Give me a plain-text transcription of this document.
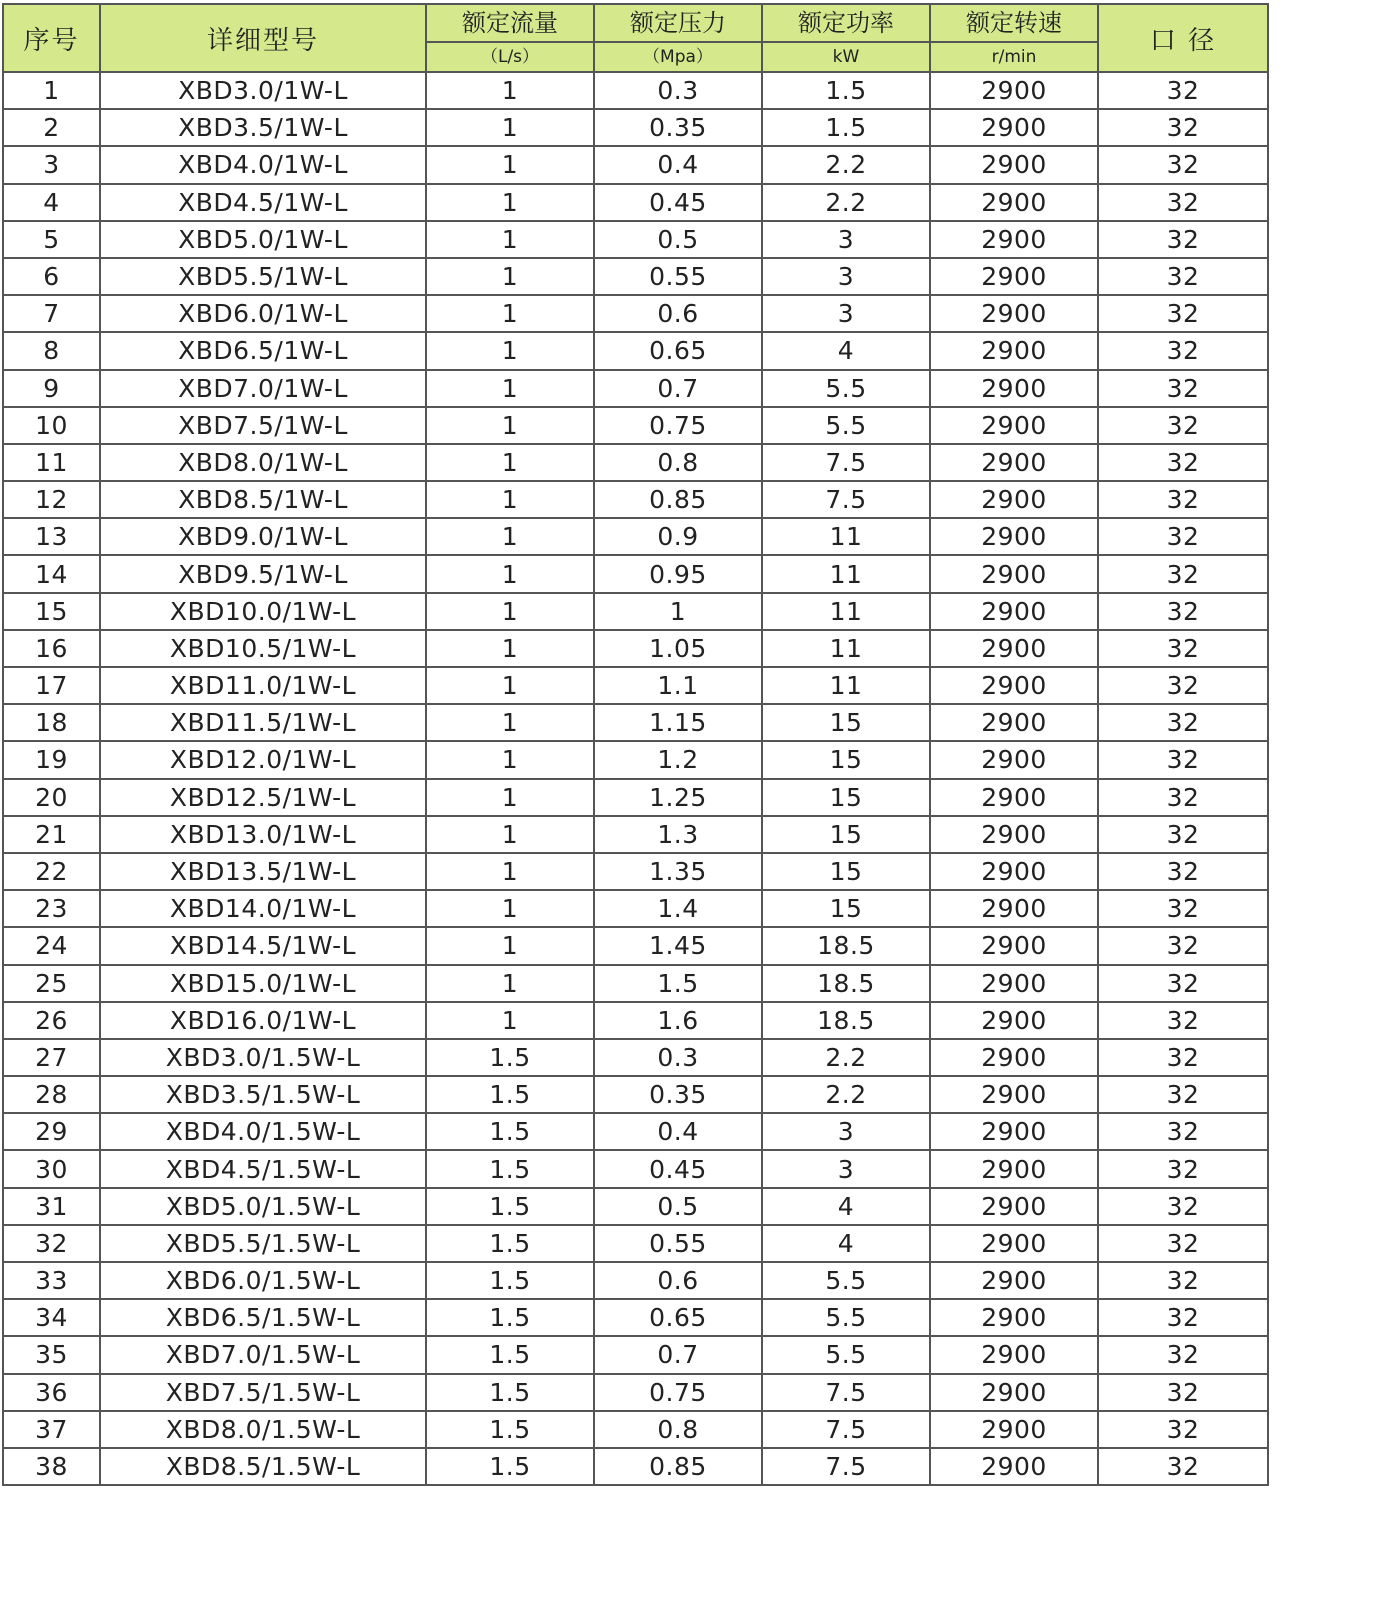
序号	详细型号	额定流量	额定压力	额定功率	额定转速	口 径
		（L/s）	（Mpa）	kW	r/min	
1	XBD3.0/1W-L	1	0.3	1.5	2900	32
2	XBD3.5/1W-L	1	0.35	1.5	2900	32
3	XBD4.0/1W-L	1	0.4	2.2	2900	32
4	XBD4.5/1W-L	1	0.45	2.2	2900	32
5	XBD5.0/1W-L	1	0.5	3	2900	32
6	XBD5.5/1W-L	1	0.55	3	2900	32
7	XBD6.0/1W-L	1	0.6	3	2900	32
8	XBD6.5/1W-L	1	0.65	4	2900	32
9	XBD7.0/1W-L	1	0.7	5.5	2900	32
10	XBD7.5/1W-L	1	0.75	5.5	2900	32
11	XBD8.0/1W-L	1	0.8	7.5	2900	32
12	XBD8.5/1W-L	1	0.85	7.5	2900	32
13	XBD9.0/1W-L	1	0.9	11	2900	32
14	XBD9.5/1W-L	1	0.95	11	2900	32
15	XBD10.0/1W-L	1	1	11	2900	32
16	XBD10.5/1W-L	1	1.05	11	2900	32
17	XBD11.0/1W-L	1	1.1	11	2900	32
18	XBD11.5/1W-L	1	1.15	15	2900	32
19	XBD12.0/1W-L	1	1.2	15	2900	32
20	XBD12.5/1W-L	1	1.25	15	2900	32
21	XBD13.0/1W-L	1	1.3	15	2900	32
22	XBD13.5/1W-L	1	1.35	15	2900	32
23	XBD14.0/1W-L	1	1.4	15	2900	32
24	XBD14.5/1W-L	1	1.45	18.5	2900	32
25	XBD15.0/1W-L	1	1.5	18.5	2900	32
26	XBD16.0/1W-L	1	1.6	18.5	2900	32
27	XBD3.0/1.5W-L	1.5	0.3	2.2	2900	32
28	XBD3.5/1.5W-L	1.5	0.35	2.2	2900	32
29	XBD4.0/1.5W-L	1.5	0.4	3	2900	32
30	XBD4.5/1.5W-L	1.5	0.45	3	2900	32
31	XBD5.0/1.5W-L	1.5	0.5	4	2900	32
32	XBD5.5/1.5W-L	1.5	0.55	4	2900	32
33	XBD6.0/1.5W-L	1.5	0.6	5.5	2900	32
34	XBD6.5/1.5W-L	1.5	0.65	5.5	2900	32
35	XBD7.0/1.5W-L	1.5	0.7	5.5	2900	32
36	XBD7.5/1.5W-L	1.5	0.75	7.5	2900	32
37	XBD8.0/1.5W-L	1.5	0.8	7.5	2900	32
38	XBD8.5/1.5W-L	1.5	0.85	7.5	2900	32
